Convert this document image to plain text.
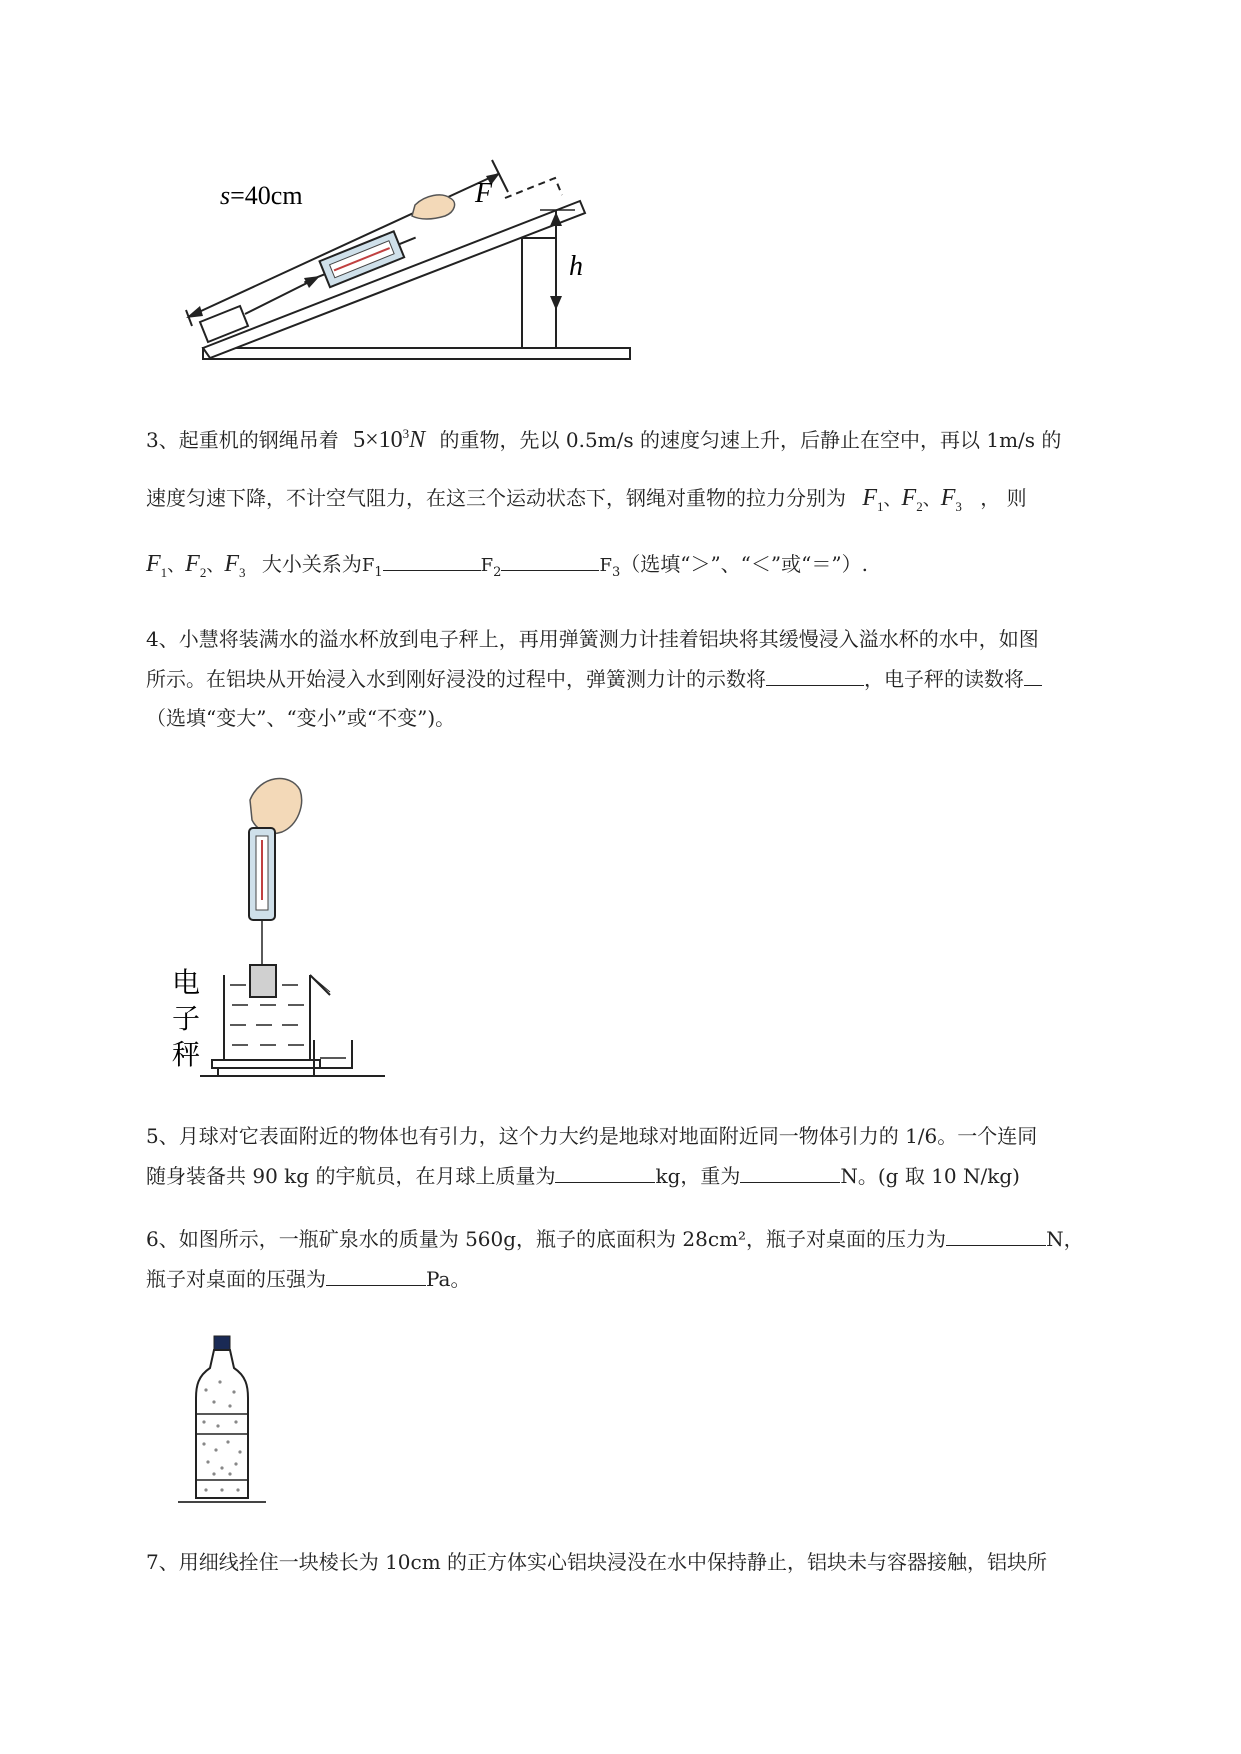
s=40cm	F
h
3、起重机的钢绳吊着 $5\times 10^3N$ 的重物，先以 0.5m/s 的速度匀速上升，后静止在空中，再以 1m/s 的
速度匀速下降，不计空气阻力，在这三个运动状态下，钢绳对重物的拉力分别为 $F_1$、$F_2$、$F_3$ ， 则
$F_1$、$F_2$、$F_3$ 大小关系为$F_1$	$F_2$	$F_3$（选填“＞”、“＜”或“＝”）.
4、小慧将装满水的溢水杯放到电子秤上，再用弹簧测力计挂着铝块将其缓慢浸入溢水杯的水中，如图
所示。在铝块从开始浸入水到刚好浸没的过程中，弹簧测力计的示数将	，电子秤的读数将
（选填“变大”、“变小”或“不变”)。
电
子
秤
5、月球对它表面附近的物体也有引力，这个力大约是地球对地面附近同一物体引力的 1/6。一个连同
随身装备共 90 kg 的宇航员，在月球上质量为	kg，重为	N。(g 取 10 N/kg)
6、如图所示，一瓶矿泉水的质量为 560g，瓶子的底面积为 28cm²，瓶子对桌面的压力为	N，
瓶子对桌面的压强为	Pa。
7、用细线拴住一块棱长为 10cm 的正方体实心铝块浸没在水中保持静止，铝块未与容器接触，铝块所
